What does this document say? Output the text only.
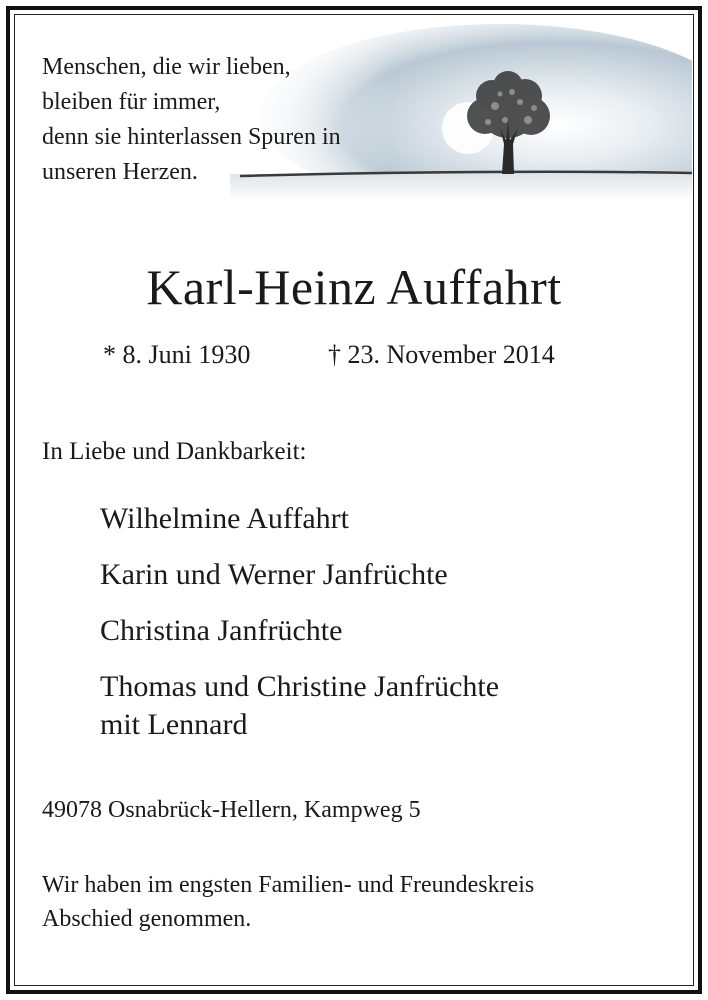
Menschen, die wir lieben,
bleiben für immer,
denn sie hinterlassen Spuren in
unseren Herzen.
Karl-Heinz Auffahrt
* 8. Juni 1930	† 23. November 2014
In Liebe und Dankbarkeit:
Wilhelmine Auffahrt
Karin und Werner Janfrüchte
Christina Janfrüchte
Thomas und Christine Janfrüchte
mit Lennard
49078 Osnabrück-Hellern, Kampweg 5
Wir haben im engsten Familien- und Freundeskreis
Abschied genommen.
